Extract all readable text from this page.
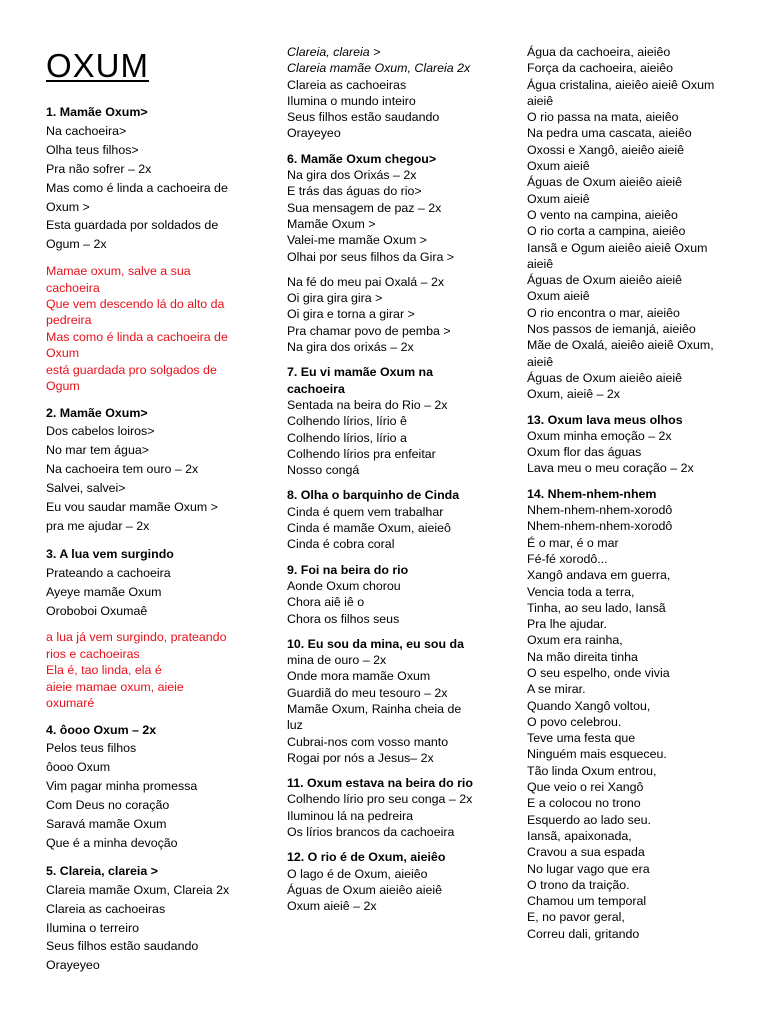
OXUM
1. Mamãe Oxum>
Na cachoeira>
Olha teus filhos>
Pra não sofrer – 2x
Mas como é linda a cachoeira de
Oxum >
Esta guardada por soldados de
Ogum – 2x
Mamae oxum, salve a sua
cachoeira
Que vem descendo lá do alto da
pedreira
Mas como é linda a cachoeira de
Oxum
está guardada pro solgados de
Ogum
2. Mamãe Oxum>
Dos cabelos loiros>
No mar tem água>
Na cachoeira tem ouro – 2x
Salvei, salvei>
Eu vou saudar mamãe Oxum >
pra me ajudar – 2x
3. A lua vem surgindo
Prateando a cachoeira
Ayeye mamãe Oxum
Oroboboi Oxumaê
a lua já vem surgindo, prateando
rios e cachoeiras
Ela é, tao linda, ela é
aieie mamae oxum, aieie
oxumaré
4. ôooo Oxum – 2x
Pelos teus filhos
ôooo Oxum
Vim pagar minha promessa
Com Deus no coração
Saravá mamãe Oxum
Que é a minha devoção
5. Clareia, clareia >
Clareia mamãe Oxum, Clareia 2x
Clareia as cachoeiras
Ilumina o terreiro
Seus filhos estão saudando
Orayeyeo
Clareia, clareia >
Clareia mamãe Oxum, Clareia 2x
Clareia as cachoeiras
Ilumina o mundo inteiro
Seus filhos estão saudando
Orayeyeo
6. Mamãe Oxum chegou>
Na gira dos Orixás – 2x
E trás das águas do rio>
Sua mensagem de paz – 2x
Mamãe Oxum >
Valei-me mamãe Oxum >
Olhai por seus filhos da Gira >
Na fé do meu pai Oxalá – 2x
Oi gira gira gira >
Oi gira e torna a girar >
Pra chamar povo de pemba >
Na gira dos orixás – 2x
7. Eu vi mamãe Oxum na
cachoeira
Sentada na beira do Rio – 2x
Colhendo lírios, lírio ê
Colhendo lírios, lírio a
Colhendo lírios pra enfeitar
Nosso congá
8. Olha o barquinho de Cinda
Cinda é quem vem trabalhar
Cinda é mamãe Oxum, aieieô
Cinda é cobra coral
9. Foi na beira do rio
Aonde Oxum chorou
Chora aiê iê o
Chora os filhos seus
10. Eu sou da mina, eu sou da
mina de ouro – 2x
Onde mora mamãe Oxum
Guardiã do meu tesouro – 2x
Mamãe Oxum, Rainha cheia de
luz
Cubrai-nos com vosso manto
Rogai por nós a Jesus– 2x
11. Oxum estava na beira do rio
Colhendo lírio pro seu conga – 2x
Iluminou lá na pedreira
Os lírios brancos da cachoeira
12. O rio é de Oxum, aieiêo
O lago é de Oxum, aieiêo
Águas de Oxum aieiêo aieiê
Oxum aieiê – 2x
Água da cachoeira, aieiêo
Força da cachoeira, aieiêo
Água cristalina, aieiêo aieiê Oxum
aieiê
O rio passa na mata, aieiêo
Na pedra uma cascata, aieiêo
Oxossi e Xangô, aieiêo aieiê
Oxum aieiê
Águas de Oxum aieiêo aieiê
Oxum aieiê
O vento na campina, aieiêo
O rio corta a campina, aieiêo
Iansã e Ogum aieiêo aieiê Oxum
aieiê
Águas de Oxum aieiêo aieiê
Oxum aieiê
O rio encontra o mar, aieiêo
Nos passos de iemanjá, aieiêo
Mãe de Oxalá, aieiêo aieiê Oxum,
aieiê
Águas de Oxum aieiêo aieiê
Oxum, aieiê – 2x
13. Oxum lava meus olhos
Oxum minha emoção – 2x
Oxum flor das águas
Lava meu o meu coração – 2x
14. Nhem-nhem-nhem
Nhem-nhem-nhem-xorodô
Nhem-nhem-nhem-xorodô
É o mar, é o mar
Fé-fé xorodô...
Xangô andava em guerra,
Vencia toda a terra,
Tinha, ao seu lado, Iansã
Pra lhe ajudar.
Oxum era rainha,
Na mão direita tinha
O seu espelho, onde vivia
A se mirar.
Quando Xangô voltou,
O povo celebrou.
Teve uma festa que
Ninguém mais esqueceu.
Tão linda Oxum entrou,
Que veio o rei Xangô
E a colocou no trono
Esquerdo ao lado seu.
Iansã, apaixonada,
Cravou a sua espada
No lugar vago que era
O trono da traição.
Chamou um temporal
E, no pavor geral,
Correu dali, gritando
